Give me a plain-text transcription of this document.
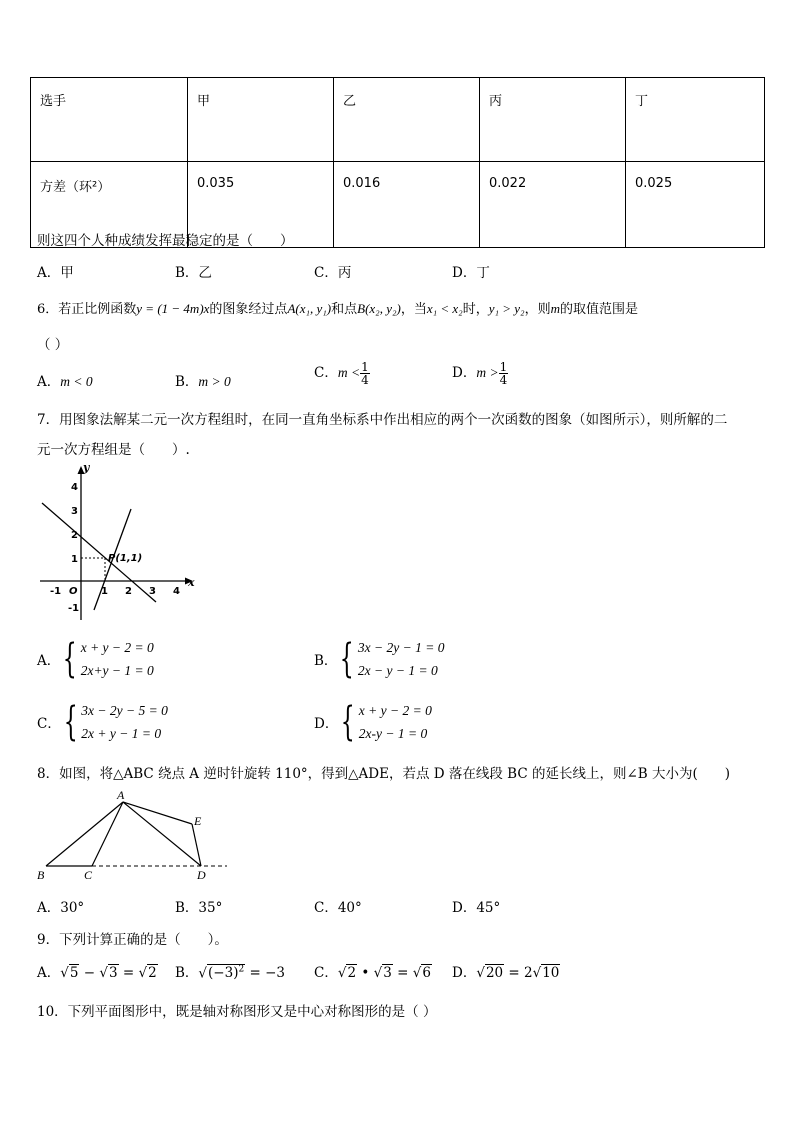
选手	甲	乙	丙	丁
方差（环²）	0.035	0.016	0.022	0.025
则这四个人种成绩发挥最稳定的是（　　）
A．甲	B．乙	C．丙	D．丁
6．若正比例函数y = (1 − 4m)x的图象经过点A(x₁, y₁)和点B(x₂, y₂)，当x₁ < x₂时，y₁ > y₂，则m的取值范围是
（ ）
A．m < 0	B．m > 0
C．$m < \frac{1}{4}$	D．$m > \frac{1}{4}$
7．用图象法解某二元一次方程组时，在同一直角坐标系中作出相应的两个一次函数的图象（如图所示），则所解的二
元一次方程组是（　　）.
y
x
O
P(1,1)
-1	1 2 3 4
4
3
2
1
-1
A． { x + y − 2 = 0
2x+y − 1 = 0
B． { 3x − 2y − 1 = 0
2x − y − 1 = 0
C． { 3x − 2y − 5 = 0
2x + y − 1 = 0
D． { x + y − 2 = 0
2x-y − 1 = 0
8．如图，将△ABC 绕点 A 逆时针旋转 110°，得到△ADE，若点 D 落在线段 BC 的延长线上，则∠B 大小为(　　)
A
B	C	D
E
A．30°	B．35°	C．40°	D．45°
9．下列计算正确的是（　　）。
A．√5 − √3 = √2 B．$√(-3)^2 = -3$ C．√2 • √3 = √6 D．√20 = 2√10
10．下列平面图形中，既是轴对称图形又是中心对称图形的是（ ）
